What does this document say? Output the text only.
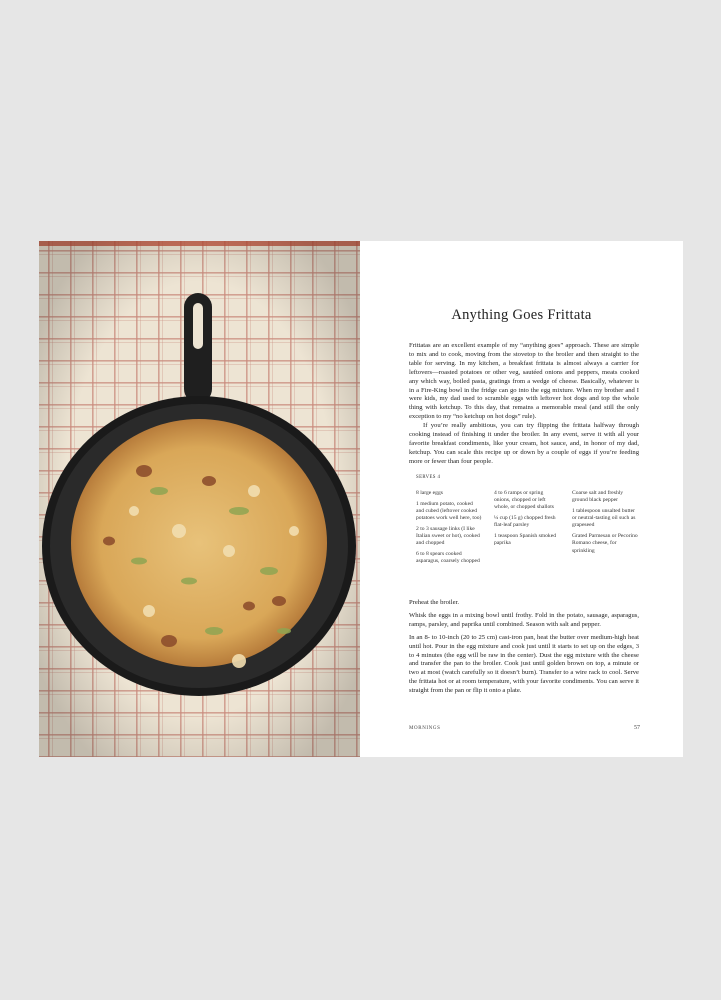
Anything Goes Frittata

Frittatas are an excellent example of my “anything goes” approach. These are simple to mix and to cook, moving from the stovetop to the broiler and then straight to the table for serving. In my kitchen, a breakfast frittata is almost always a carrier for leftovers—roasted potatoes or other veg, sautéed onions and peppers, meats cooked any which way, boiled pasta, gratings from a wedge of cheese. Basically, whatever is in a Fire-King bowl in the fridge can go into the egg mixture. When my brother and I were kids, my dad used to scramble eggs with leftover hot dogs and top the whole thing with ketchup. To this day, that remains a memorable meal (and still the only exception to my “no ketchup on hot dogs” rule).

If you’re really ambitious, you can try flipping the frittata halfway through cooking instead of finishing it under the broiler. In any event, serve it with all your favorite breakfast condiments, like your cream, hot sauce, and, in honor of my dad, ketchup. You can scale this recipe up or down by a couple of eggs if you’re feeding more or fewer than four people.

SERVES 4
8 large eggs
1 medium potato, cooked and cubed (leftover cooked potatoes work well here, too)
2 to 3 sausage links (I like Italian sweet or hot), cooked and chopped
6 to 8 spears cooked asparagus, coarsely chopped
4 to 6 ramps or spring onions, chopped or left whole, or chopped shallots
¼ cup (15 g) chopped fresh flat-leaf parsley
1 teaspoon Spanish smoked paprika
Coarse salt and freshly ground black pepper
1 tablespoon unsalted butter or neutral-tasting oil such as grapeseed
Grated Parmesan or Pecorino Romano cheese, for sprinkling

Preheat the broiler.

Whisk the eggs in a mixing bowl until frothy. Fold in the potato, sausage, asparagus, ramps, parsley, and paprika until combined. Season with salt and pepper.

In an 8- to 10-inch (20 to 25 cm) cast-iron pan, heat the butter over medium-high heat until hot. Pour in the egg mixture and cook just until it starts to set up on the edges, 3 to 4 minutes (the egg will be raw in the center). Dust the egg mixture with the cheese and transfer the pan to the broiler. Cook just until golden brown on top, a minute or two at most (watch carefully so it doesn’t burn). Transfer to a wire rack to cool. Serve the frittata hot or at room temperature, with your favorite condiments. You can serve it straight from the pan or flip it onto a plate.

MORNINGS	57
